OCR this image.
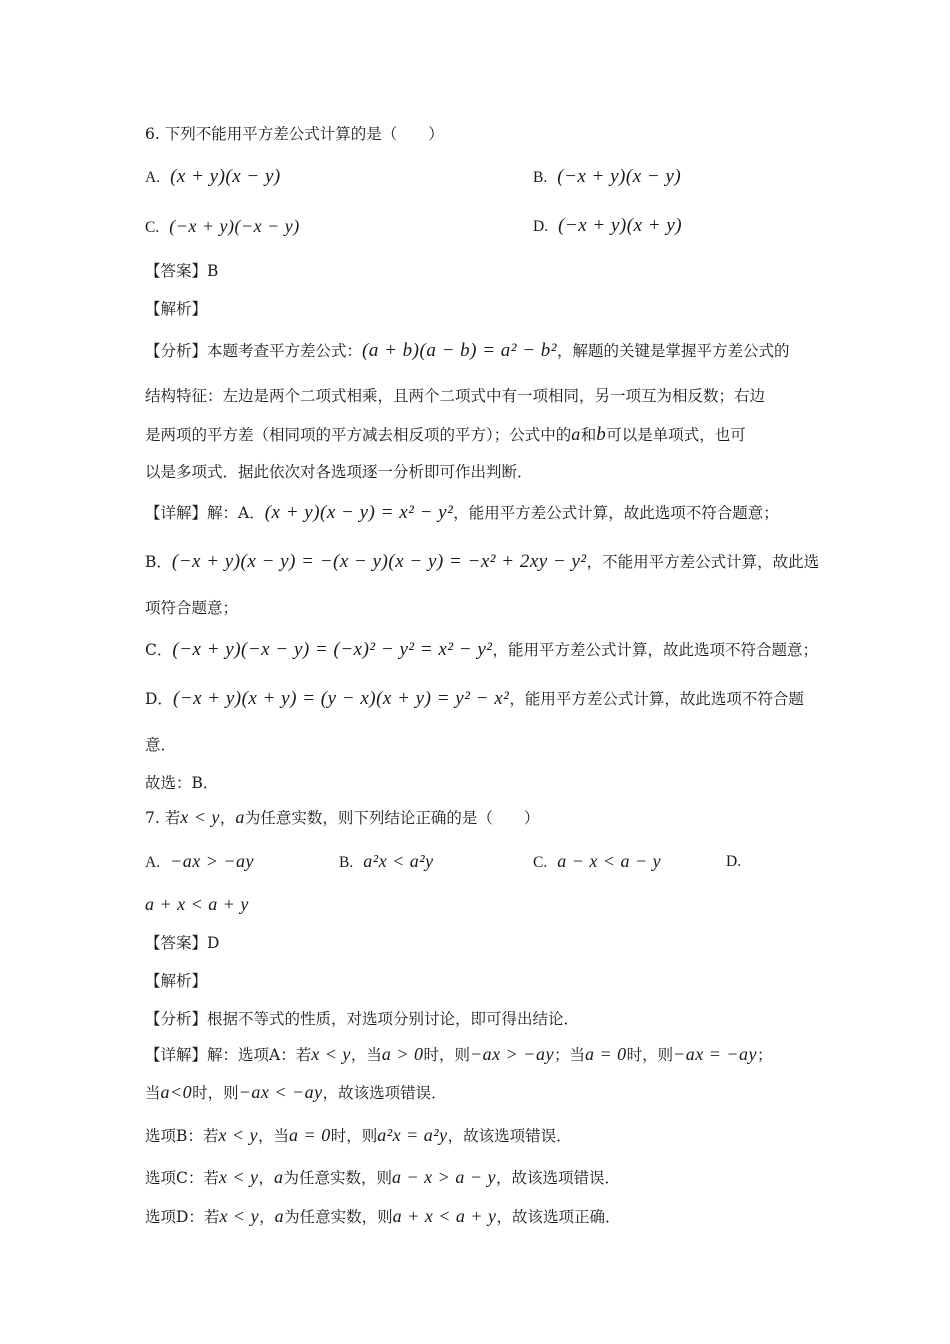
6. 下列不能用平方差公式计算的是（　　）
A. (x + y)(x − y)	B. (−x + y)(x − y)
C. (−x + y)(−x − y)	D. (−x + y)(x + y)
【答案】B
【解析】
【分析】本题考查平方差公式：(a + b)(a − b) = a² − b²，解题的关键是掌握平方差公式的
结构特征：左边是两个二项式相乘，且两个二项式中有一项相同，另一项互为相反数；右边
是两项的平方差（相同项的平方减去相反项的平方）；公式中的a和b可以是单项式，也可
以是多项式．据此依次对各选项逐一分析即可作出判断．
【详解】解：A．(x + y)(x − y) = x² − y²，能用平方差公式计算，故此选项不符合题意；
B．(−x + y)(x − y) = −(x − y)(x − y) = −x² + 2xy − y²，不能用平方差公式计算，故此选
项符合题意；
C．(−x + y)(−x − y) = (−x)² − y² = x² − y²，能用平方差公式计算，故此选项不符合题意；
D．(−x + y)(x + y) = (y − x)(x + y) = y² − x²，能用平方差公式计算，故此选项不符合题
意．
故选：B．
7. 若x < y，a为任意实数，则下列结论正确的是（　　）
A. −ax > −ay	B. a²x < a²y	C. a − x < a − y	D.
a + x < a + y
【答案】D
【解析】
【分析】根据不等式的性质，对选项分别讨论，即可得出结论．
【详解】解：选项A：若x < y，当a > 0时，则−ax > −ay；当a = 0时，则−ax = −ay；
当a<0时，则−ax < −ay，故该选项错误．
选项B：若x < y，当a = 0时，则a²x = a²y，故该选项错误．
选项C：若x < y，a为任意实数，则a − x > a − y，故该选项错误．
选项D：若x < y，a为任意实数，则a + x < a + y，故该选项正确．
